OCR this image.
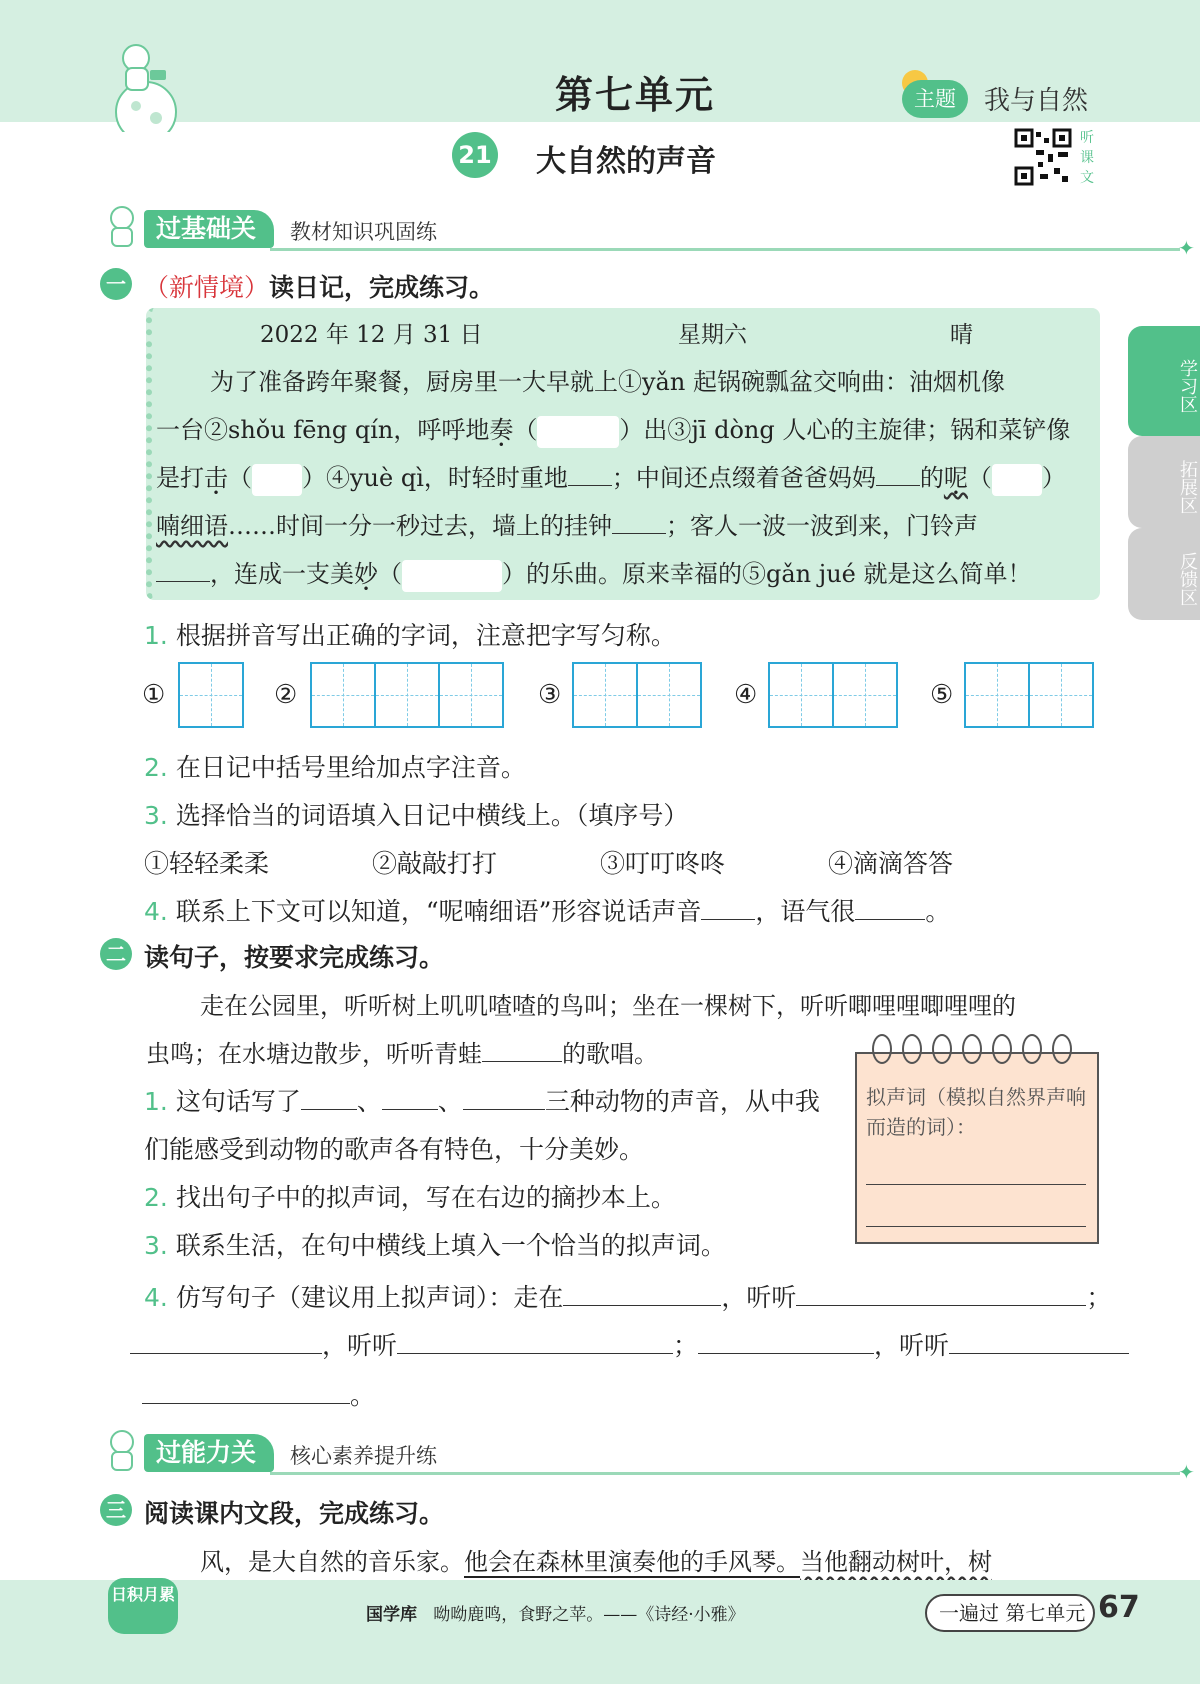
第七单元	主题	我与自然
21 大自然的声音
听课文
学习区
拓展区
反馈区
过基础关	教材知识巩固练
✦
一 （新情境）读日记，完成练习。
2022 年 12 月 31 日	星期六	晴
为了准备跨年聚餐，厨房里一大早就上①yǎn 起锅碗瓢盆交响曲：油烟机像
一台②shǒu fēng qín，呼呼地奏（	）出③jī dòng 人心的主旋律；锅和菜铲像
是打击（ ）④yuè qì，时轻时重地 ；中间还点缀着爸爸妈妈 的呢（ ）
喃细语……时间一分一秒过去，墙上的挂钟 ；客人一波一波到来，门铃声
，连成一支美妙（	）的乐曲。原来幸福的⑤gǎn jué 就是这么简单！
1. 根据拼音写出正确的字词，注意把字写匀称。
①	②	③	④	⑤
2. 在日记中括号里给加点字注音。
3. 选择恰当的词语填入日记中横线上。（填序号）
①轻轻柔柔	②敲敲打打	③叮叮咚咚	④滴滴答答
4. 联系上下文可以知道，“呢喃细语”形容说话声音 ，语气很	。
二 读句子，按要求完成练习。
走在公园里，听听树上叽叽喳喳的鸟叫；坐在一棵树下，听听唧哩哩唧哩哩的
虫鸣；在水塘边散步，听听青蛙	的歌唱。
1. 这句话写了 、 、	三种动物的声音，从中我
们能感受到动物的歌声各有特色，十分美妙。
2. 找出句子中的拟声词，写在右边的摘抄本上。
3. 联系生活，在句中横线上填入一个恰当的拟声词。
拟声词（模拟自然界声响而造的词）：
4. 仿写句子（建议用上拟声词）：走在	，听听	；
，听听	；	，听听
。
过能力关	核心素养提升练
✦
三 阅读课内文段，完成练习。
风，是大自然的音乐家。他会在森林里演奏他的手风琴。当他翻动树叶，树
日积月累
国学库 呦呦鹿鸣，食野之苹。——《诗经·小雅》	一遍过 第七单元 67
